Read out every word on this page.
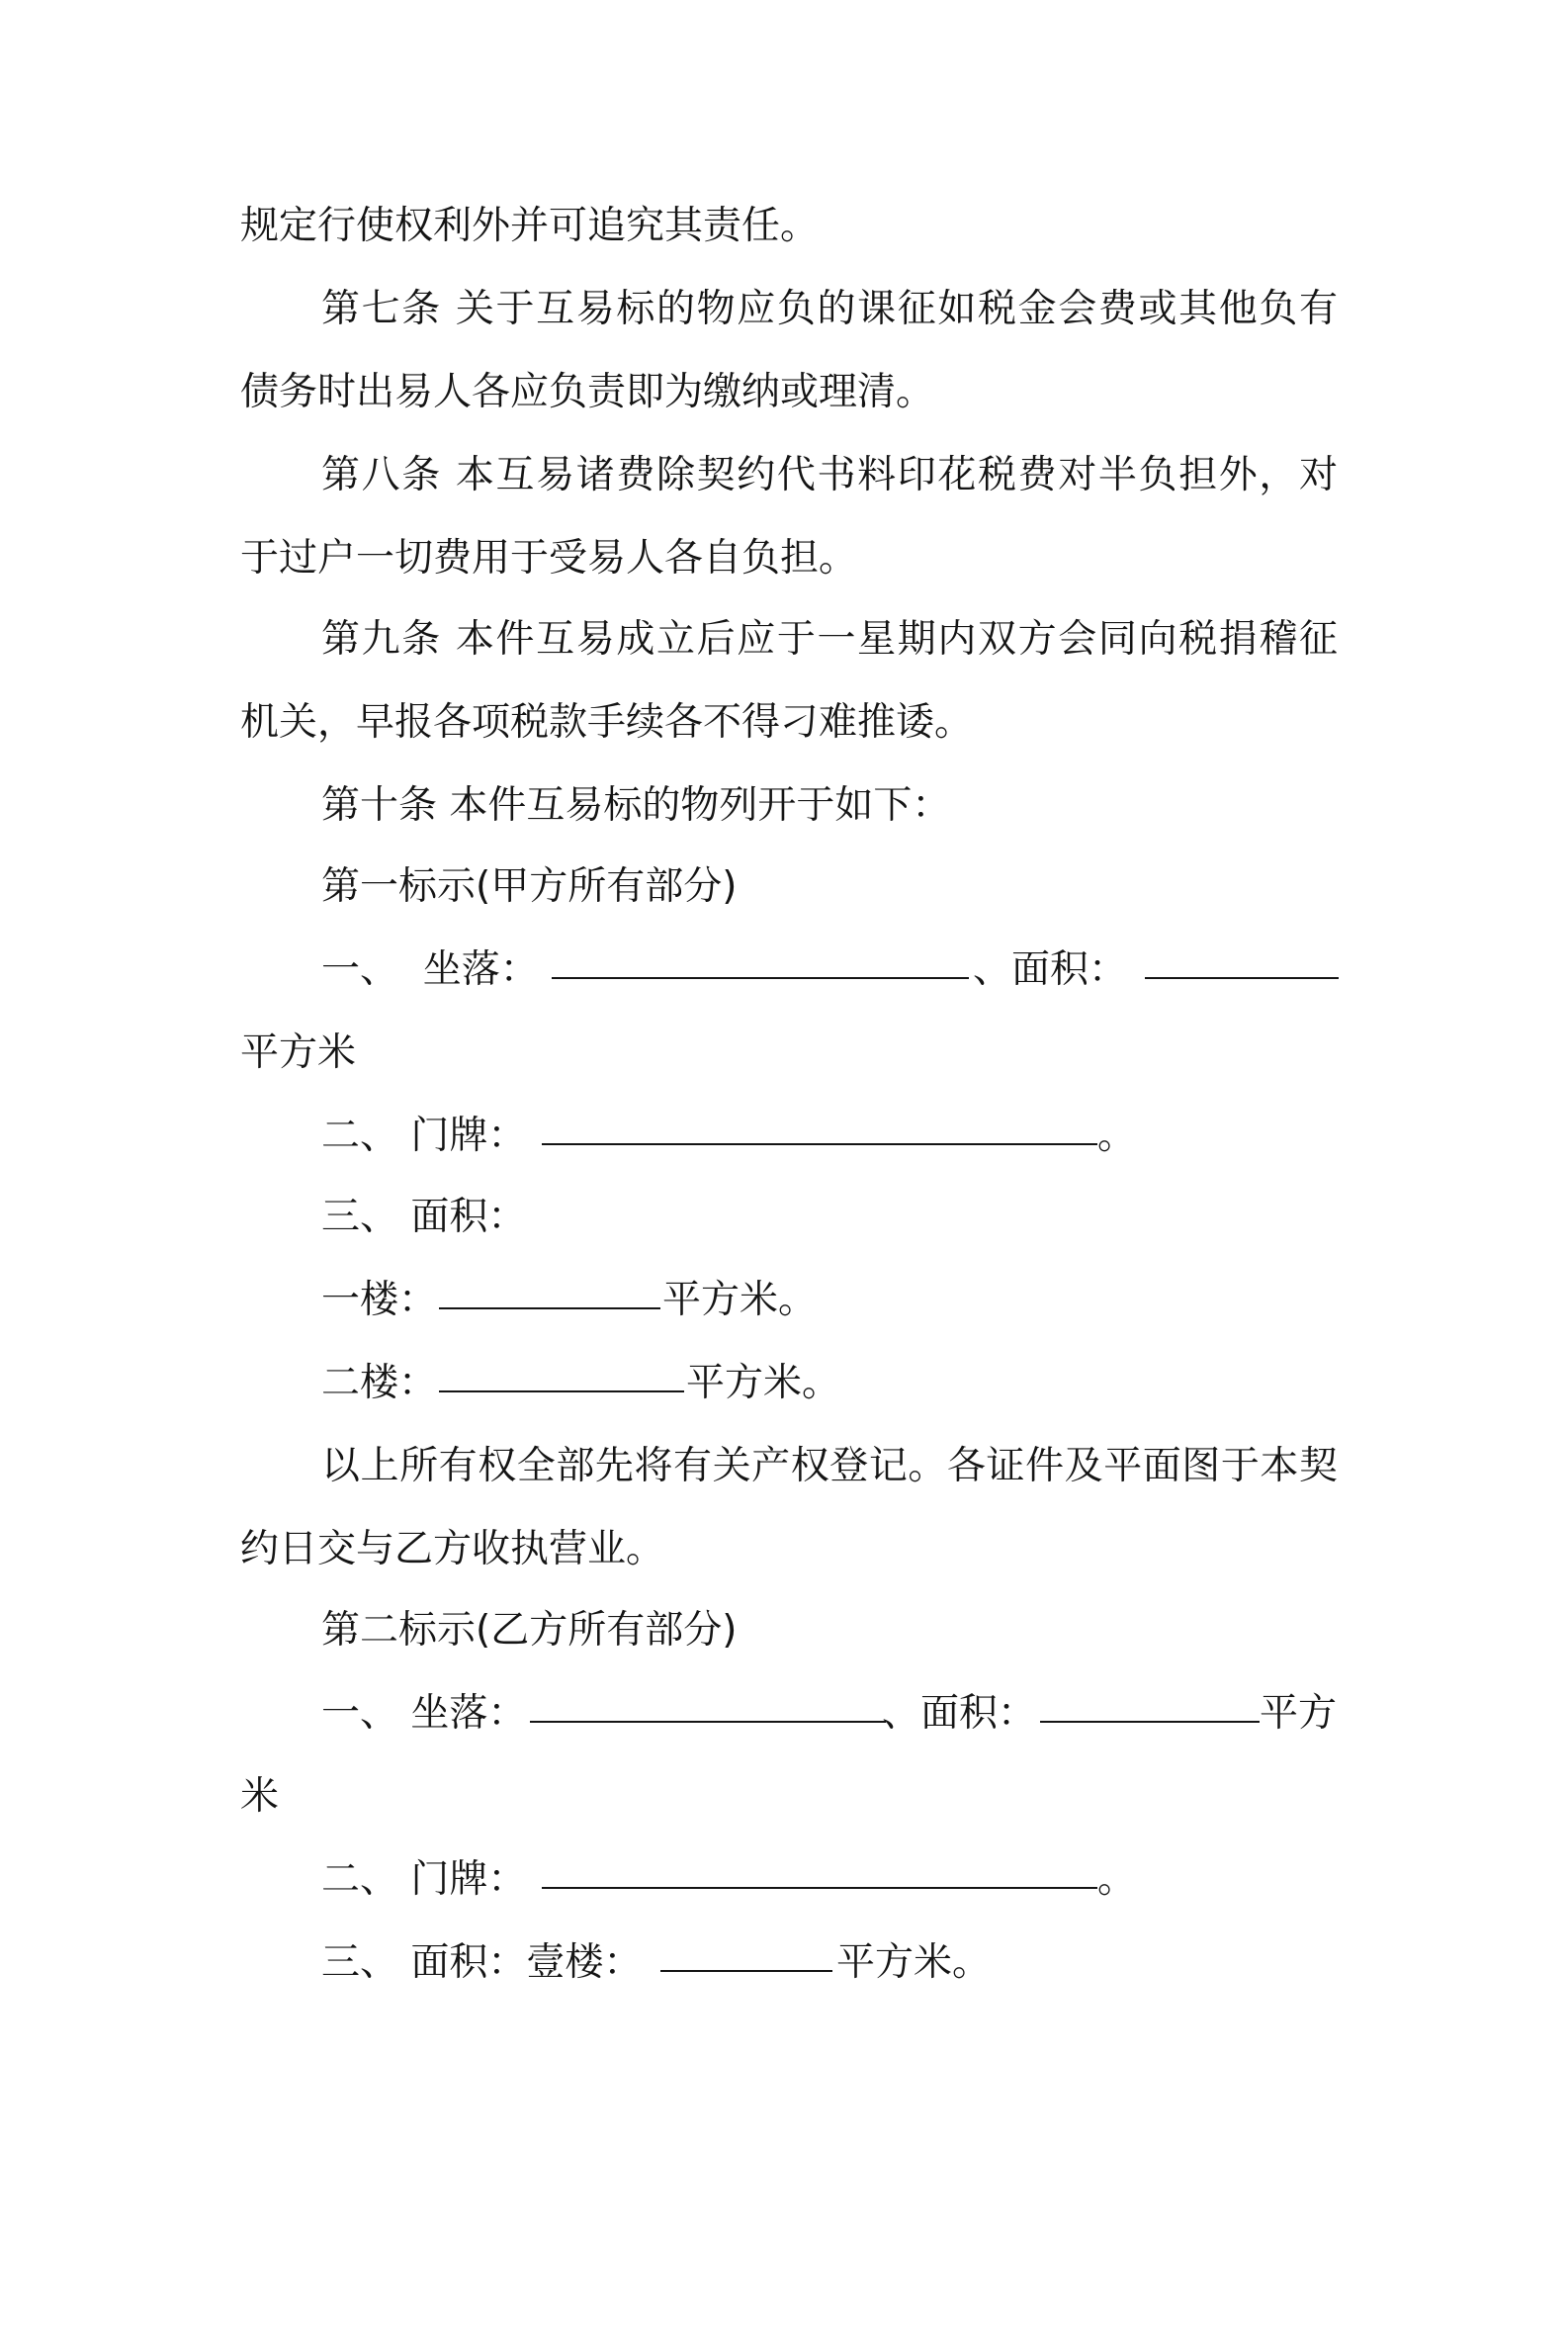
规定行使权利外并可追究其责任。

第七条 关于互易标的物应负的课征如税金会费或其他负有

债务时出易人各应负责即为缴纳或理清。

第八条 本互易诸费除契约代书料印花税费对半负担外，对

于过户一切费用于受易人各自负担。

第九条 本件互易成立后应于一星期内双方会同向税捐稽征

机关，早报各项税款手续各不得刁难推诿。

第十条 本件互易标的物列开于如下：

第一标示(甲方所有部分)

一、  坐落：

	、面积：

平方米

二、 门牌：

	。

三、 面积：

一楼：

	平方米。

二楼：

	平方米。

以上所有权全部先将有关产权登记。各证件及平面图于本契

约日交与乙方收执营业。

第二标示(乙方所有部分)

一、 坐落：

	、面积：

	平方

米

二、 门牌：

	。

三、 面积：壹楼：

	平方米。
